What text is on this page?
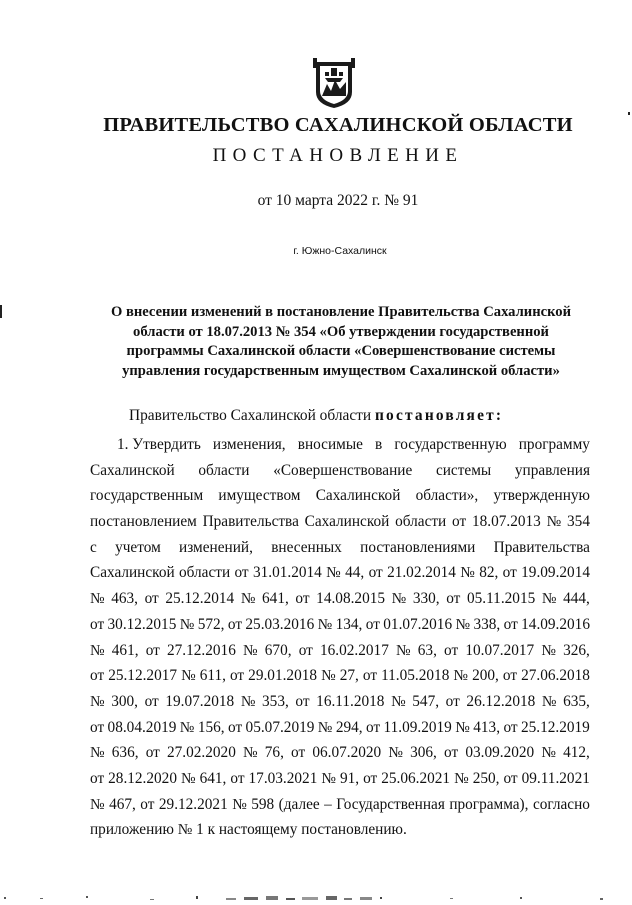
ПРАВИТЕЛЬСТВО САХАЛИНСКОЙ ОБЛАСТИ
ПОСТАНОВЛЕНИЕ
от 10 марта 2022 г. № 91
г. Южно-Сахалинск
О внесении изменений в постановление Правительства Сахалинской
области от 18.07.2013 № 354 «Об утверждении государственной
программы Сахалинской области «Совершенствование системы
управления государственным имуществом Сахалинской области»
Правительство Сахалинской области постановляет:
1. Утвердить изменения, вносимые в государственную программу
Сахалинской области «Совершенствование системы управления
государственным имуществом Сахалинской области», утвержденную
постановлением Правительства Сахалинской области от 18.07.2013 № 354
с учетом изменений, внесенных постановлениями Правительства
Сахалинской области от 31.01.2014 № 44, от 21.02.2014 № 82, от 19.09.2014
№ 463, от 25.12.2014 № 641, от 14.08.2015 № 330, от 05.11.2015 № 444,
от 30.12.2015 № 572, от 25.03.2016 № 134, от 01.07.2016 № 338, от 14.09.2016
№ 461, от 27.12.2016 № 670, от 16.02.2017 № 63, от 10.07.2017 № 326,
от 25.12.2017 № 611, от 29.01.2018 № 27, от 11.05.2018 № 200, от 27.06.2018
№ 300, от 19.07.2018 № 353, от 16.11.2018 № 547, от 26.12.2018 № 635,
от 08.04.2019 № 156, от 05.07.2019 № 294, от 11.09.2019 № 413, от 25.12.2019
№ 636, от 27.02.2020 № 76, от 06.07.2020 № 306, от 03.09.2020 № 412,
от 28.12.2020 № 641, от 17.03.2021 № 91, от 25.06.2021 № 250, от 09.11.2021
№ 467, от 29.12.2021 № 598 (далее – Государственная программа), согласно
приложению № 1 к настоящему постановлению.
